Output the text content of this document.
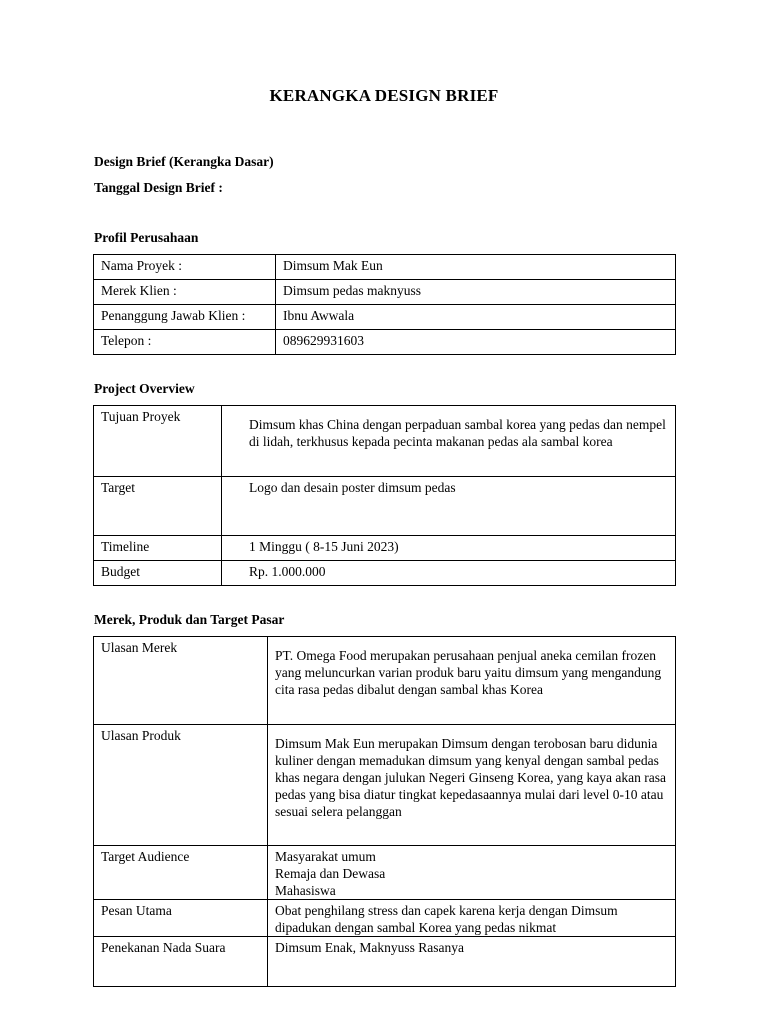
KERANGKA DESIGN BRIEF
Design Brief (Kerangka Dasar)
Tanggal Design Brief :
Profil Perusahaan
Nama Proyek :	Dimsum Mak Eun
Merek Klien :	Dimsum pedas maknyuss
Penanggung Jawab Klien :	Ibnu Awwala
Telepon :	089629931603
Project Overview
Tujuan Proyek	Dimsum khas China dengan perpaduan sambal korea yang pedas dan nempel di lidah, terkhusus kepada pecinta makanan pedas ala sambal korea
Target	Logo dan desain poster dimsum pedas
Timeline	1 Minggu ( 8-15 Juni 2023)
Budget	Rp. 1.000.000
Merek, Produk dan Target Pasar
Ulasan Merek	PT. Omega Food merupakan perusahaan penjual aneka cemilan frozen yang meluncurkan varian produk baru yaitu dimsum yang mengandung cita rasa pedas dibalut dengan sambal khas Korea
Ulasan Produk	Dimsum Mak Eun merupakan Dimsum dengan terobosan baru didunia kuliner dengan memadukan dimsum yang kenyal dengan sambal pedas khas negara dengan julukan Negeri Ginseng Korea, yang kaya akan rasa pedas yang bisa diatur tingkat kepedasaannya mulai dari level 0-10 atau sesuai selera pelanggan
Target Audience	Masyarakat umum
Remaja dan Dewasa
Mahasiswa

Pesan Utama	Obat penghilang stress dan capek karena kerja dengan Dimsum dipadukan dengan sambal Korea yang pedas nikmat
Penekanan Nada Suara	Dimsum Enak, Maknyuss Rasanya
